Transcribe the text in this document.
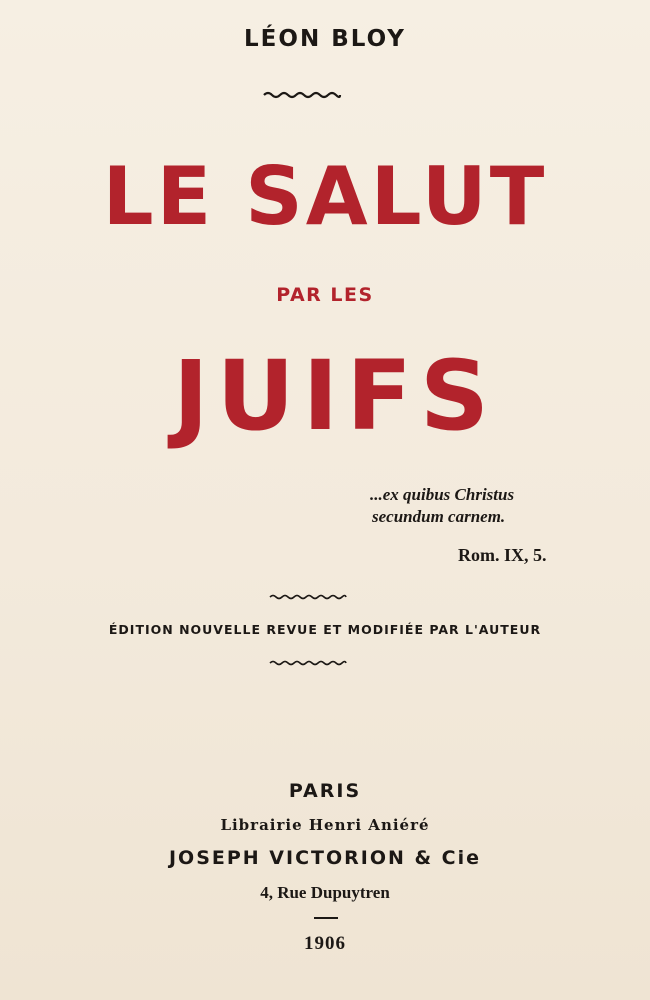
LÉON BLOY
LE SALUT
PAR LES
JUIFS
...ex quibus Christus
secundum carnem.
Rom. IX, 5.
ÉDITION NOUVELLE REVUE ET MODIFIÉE PAR L'AUTEUR
PARIS
Librairie Henri Aniéré
JOSEPH VICTORION & Cie
4, Rue Dupuytren
1906
